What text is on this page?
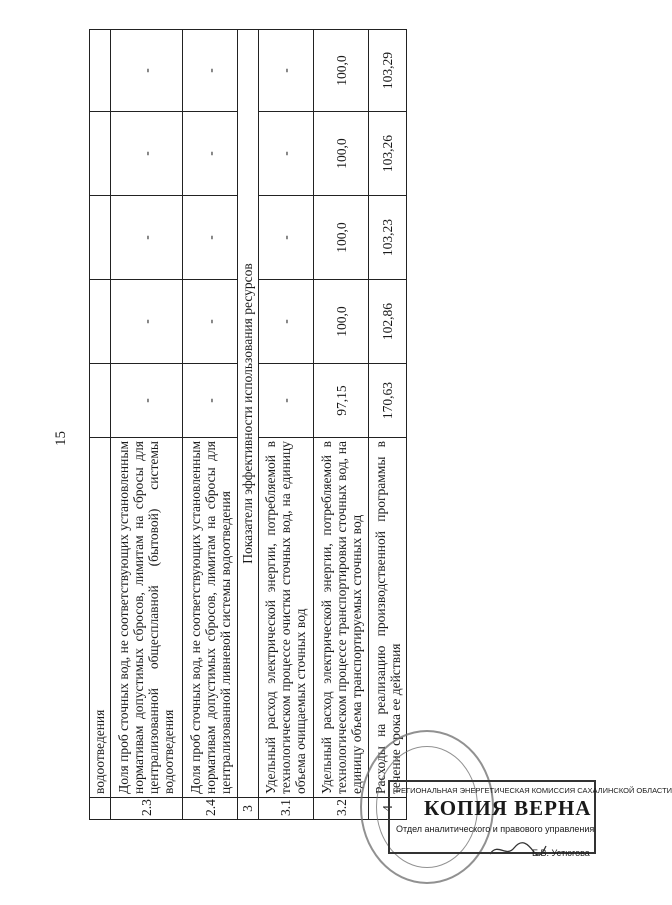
15
	водоотведения					
2.3	Доля проб сточных вод, не соответствующих установленным нормативам допустимых сбросов, лимитам на сбросы для централизованной общесплавной (бытовой) системы водоотведения	-	-	-	-	-
2.4	Доля проб сточных вод, не соответствующих установленным нормативам допустимых сбросов, лимитам на сбросы для централизованной ливневой системы водоотведения	-	-	-	-	-
3	Показатели эффективности использования ресурсов					
3.1	Удельный расход электрической энергии, потребляемой в технологическом процессе очистки сточных вод, на единицу объема очищаемых сточных вод	-	-	-	-	-
3.2	Удельный расход электрической энергии, потребляемой в технологическом процессе транспортировки сточных вод, на единицу объема транспортируемых сточных вод	97,15	100,0	100,0	100,0	100,0
4	Расходы на реализацию производственной программы в течение срока ее действия	170,63	102,86	103,23	103,26	103,29
РЕГИОНАЛЬНАЯ ЭНЕРГЕТИЧЕСКАЯ КОМИССИЯ САХАЛИНСКОЙ ОБЛАСТИ
КОПИЯ ВЕРНА
Отдел аналитического и правового управления
Е.В. Устюгова
